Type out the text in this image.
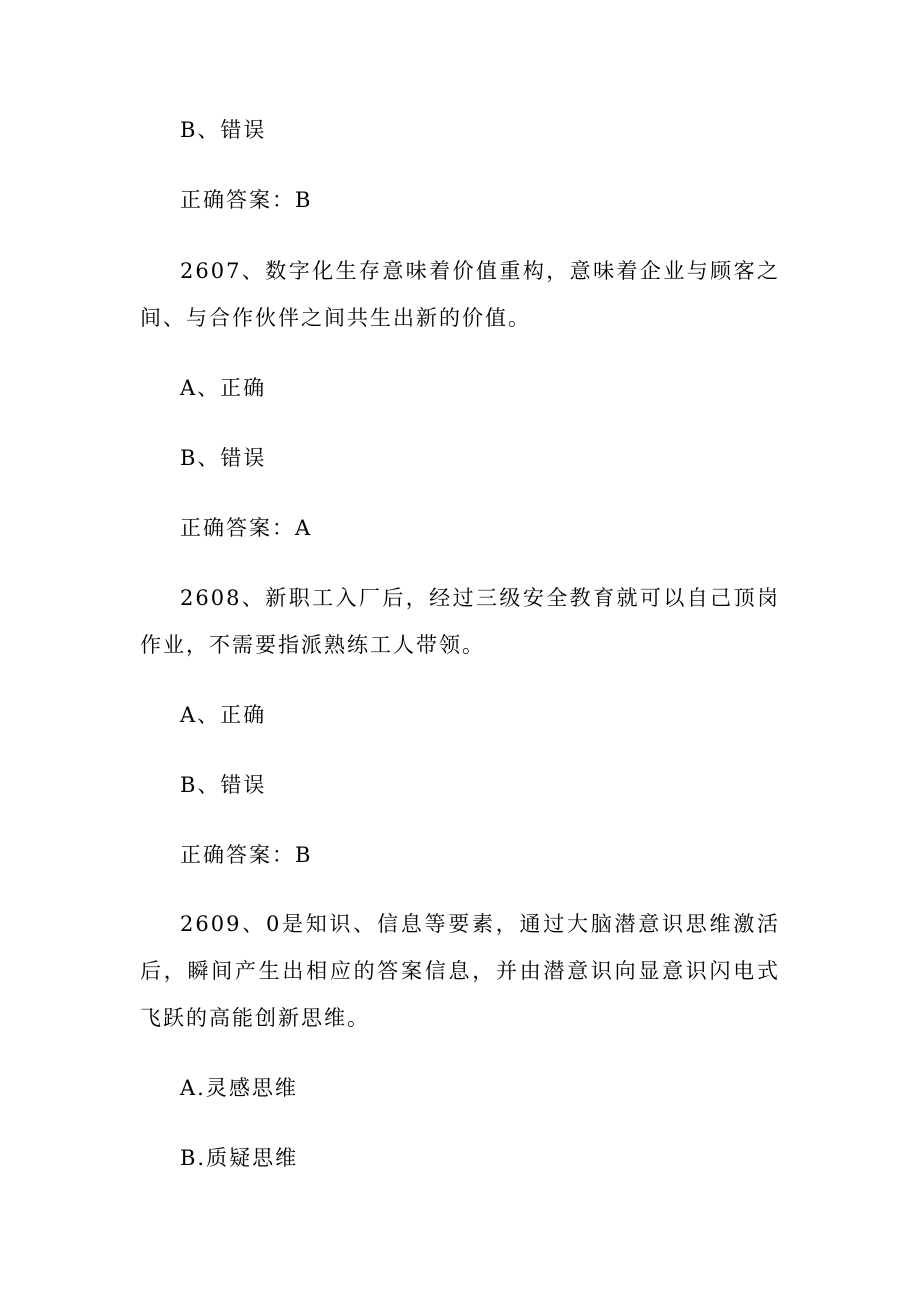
B、错误
正确答案：B
2607、数字化生存意味着价值重构，意味着企业与顾客之间、与合作伙伴之间共生出新的价值。
A、正确
B、错误
正确答案：A
2608、新职工入厂后，经过三级安全教育就可以自己顶岗作业，不需要指派熟练工人带领。
A、正确
B、错误
正确答案：B
2609、0是知识、信息等要素，通过大脑潜意识思维激活后，瞬间产生出相应的答案信息，并由潜意识向显意识闪电式飞跃的高能创新思维。
A.灵感思维
B.质疑思维
